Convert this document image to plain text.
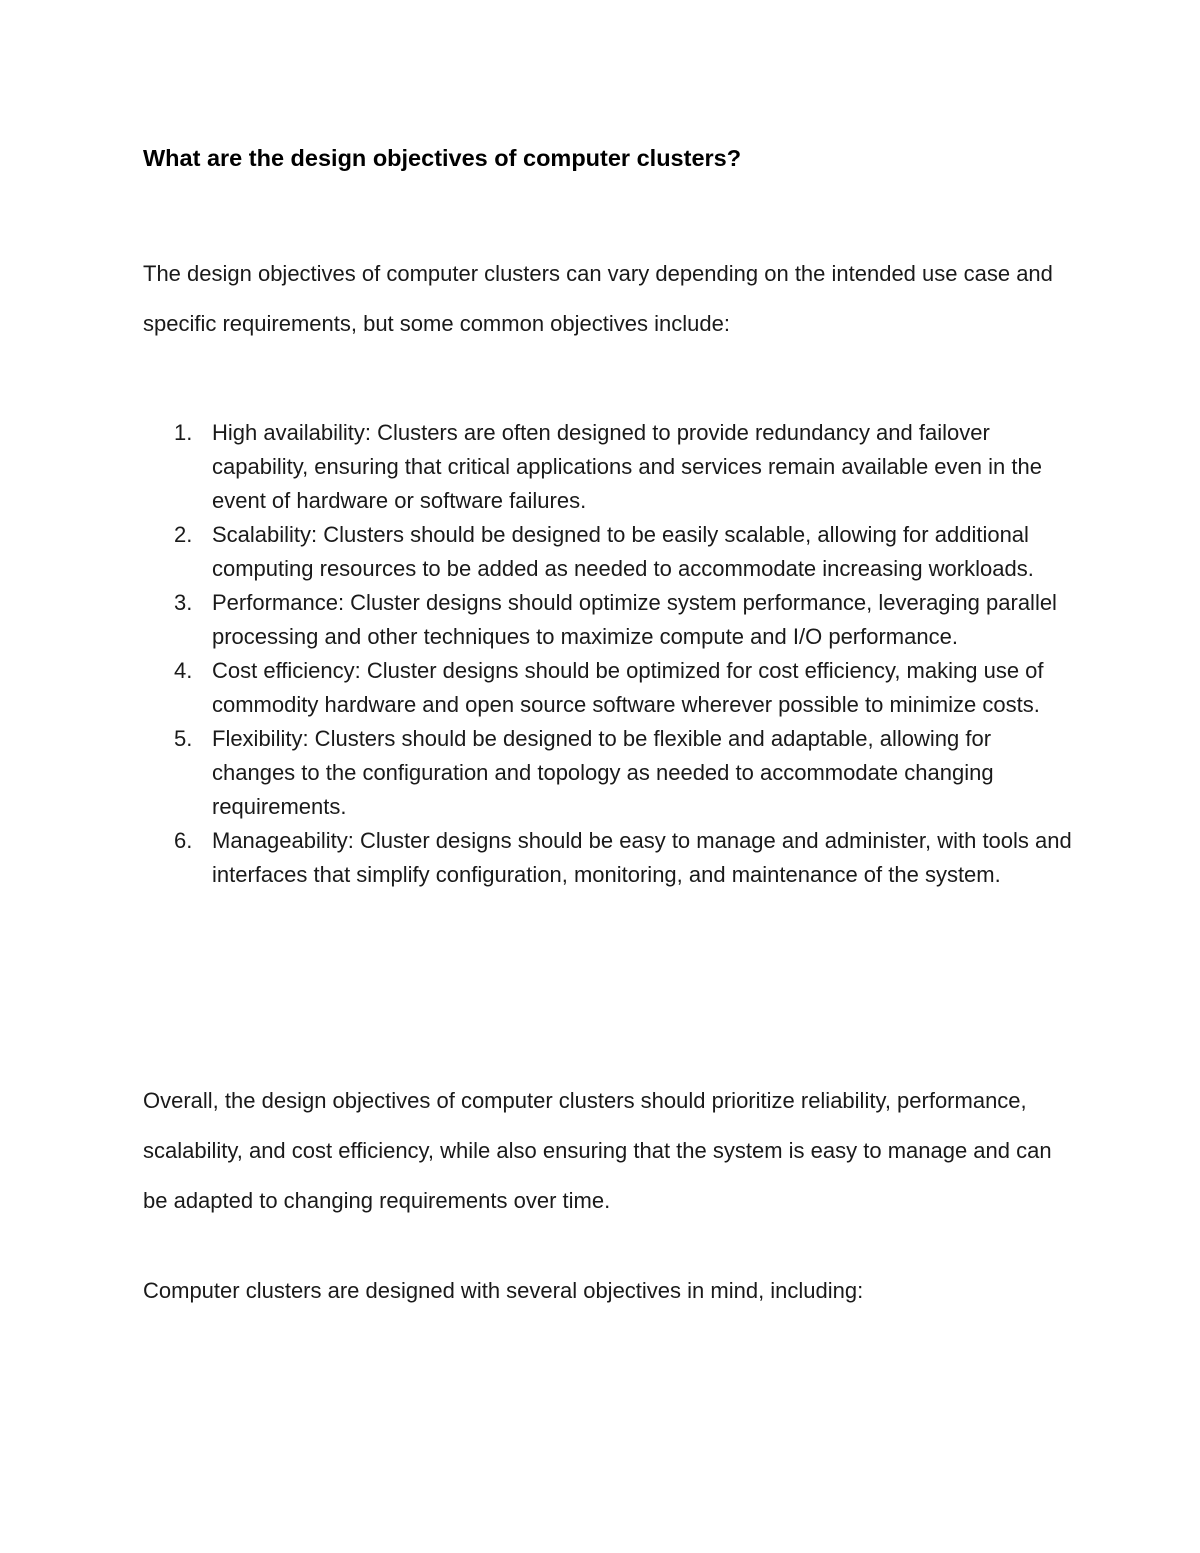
What are the design objectives of computer clusters?

The design objectives of computer clusters can vary depending on the intended use case and specific requirements, but some common objectives include:

1. High availability: Clusters are often designed to provide redundancy and failover capability, ensuring that critical applications and services remain available even in the event of hardware or software failures.
2. Scalability: Clusters should be designed to be easily scalable, allowing for additional computing resources to be added as needed to accommodate increasing workloads.
3. Performance: Cluster designs should optimize system performance, leveraging parallel processing and other techniques to maximize compute and I/O performance.
4. Cost efficiency: Cluster designs should be optimized for cost efficiency, making use of commodity hardware and open source software wherever possible to minimize costs.
5. Flexibility: Clusters should be designed to be flexible and adaptable, allowing for changes to the configuration and topology as needed to accommodate changing requirements.
6. Manageability: Cluster designs should be easy to manage and administer, with tools and interfaces that simplify configuration, monitoring, and maintenance of the system.

Overall, the design objectives of computer clusters should prioritize reliability, performance, scalability, and cost efficiency, while also ensuring that the system is easy to manage and can be adapted to changing requirements over time.

Computer clusters are designed with several objectives in mind, including:
